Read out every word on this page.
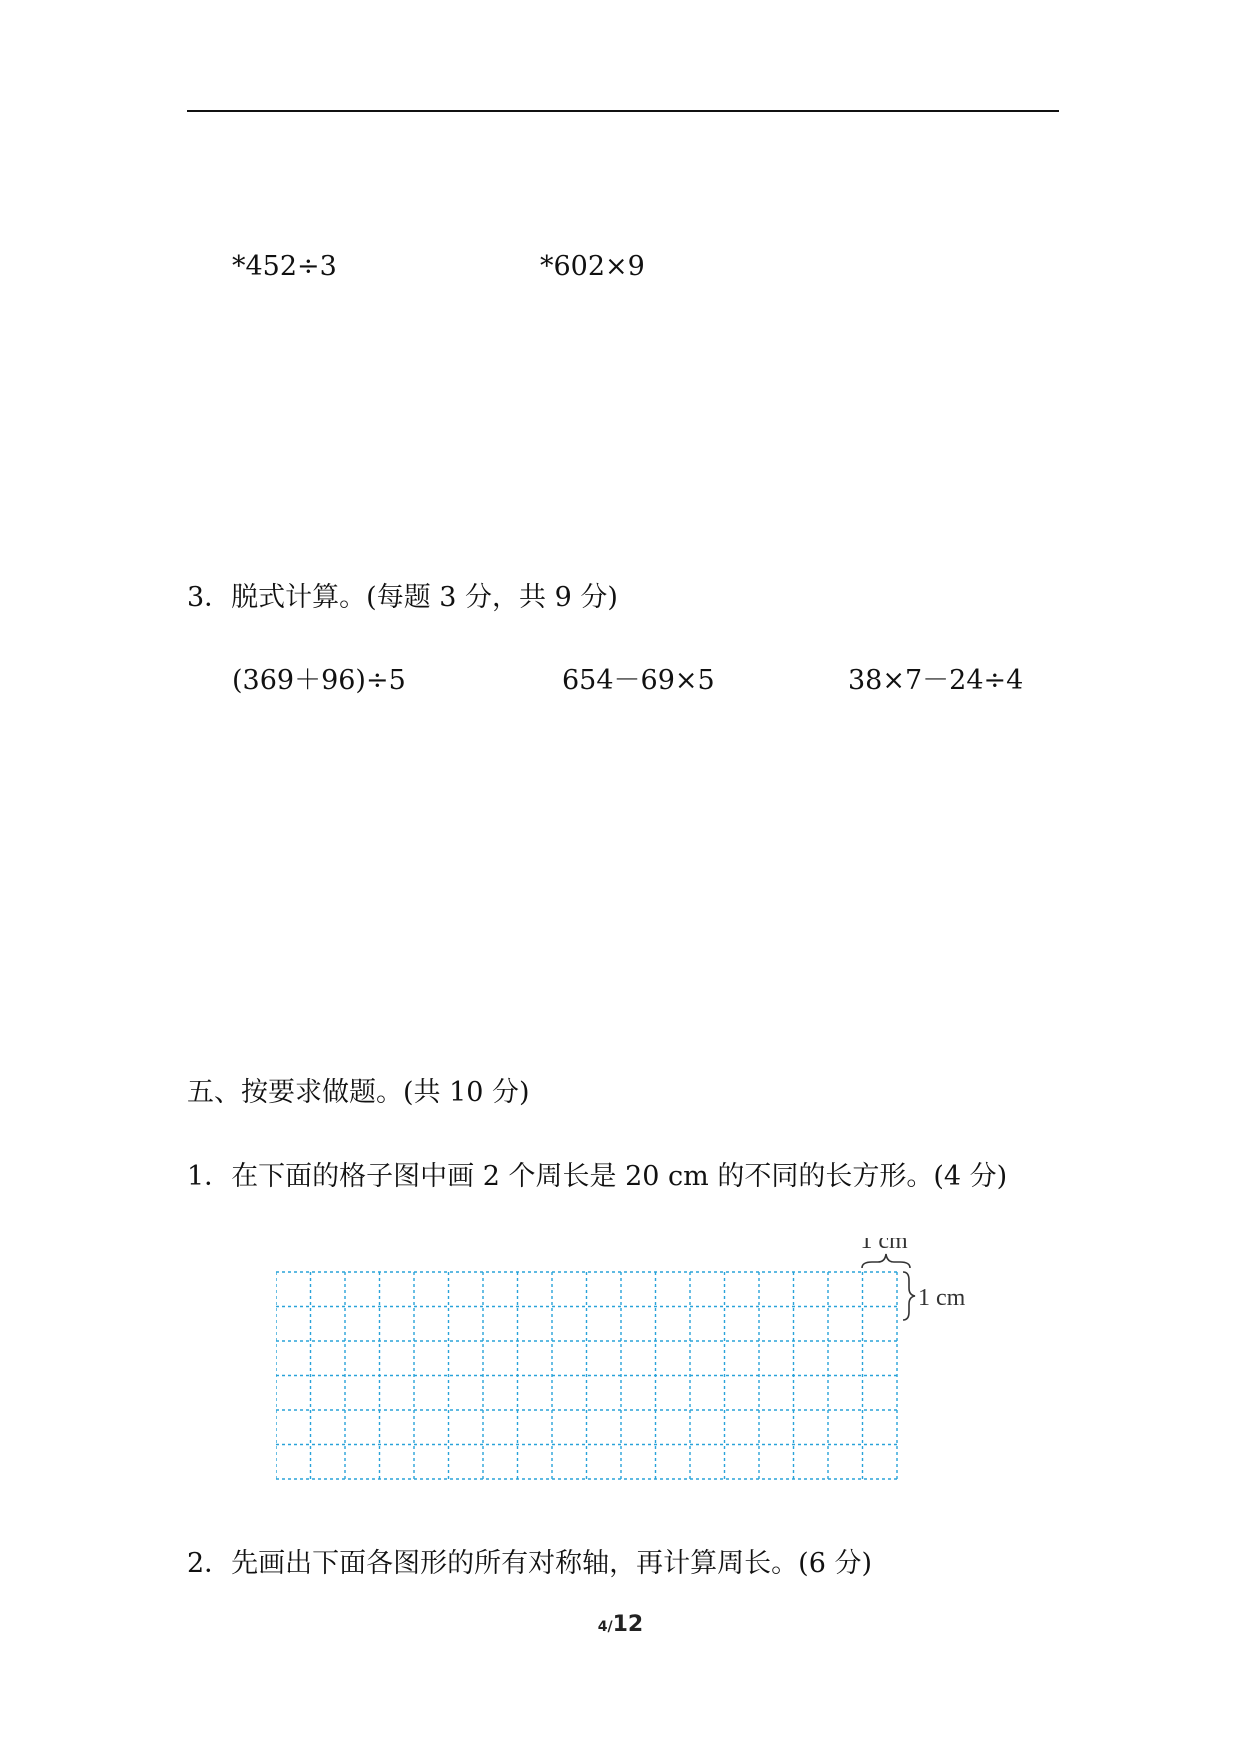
*452÷3	*602×9
3．脱式计算。(每题 3 分，共 9 分)
(369＋96)÷5	654－69×5	38×7－24÷4
五、按要求做题。(共 10 分)
1．在下面的格子图中画 2 个周长是 20 cm 的不同的长方形。(4 分)
1 cm
1 cm
2．先画出下面各图形的所有对称轴，再计算周长。(6 分)
4/12
